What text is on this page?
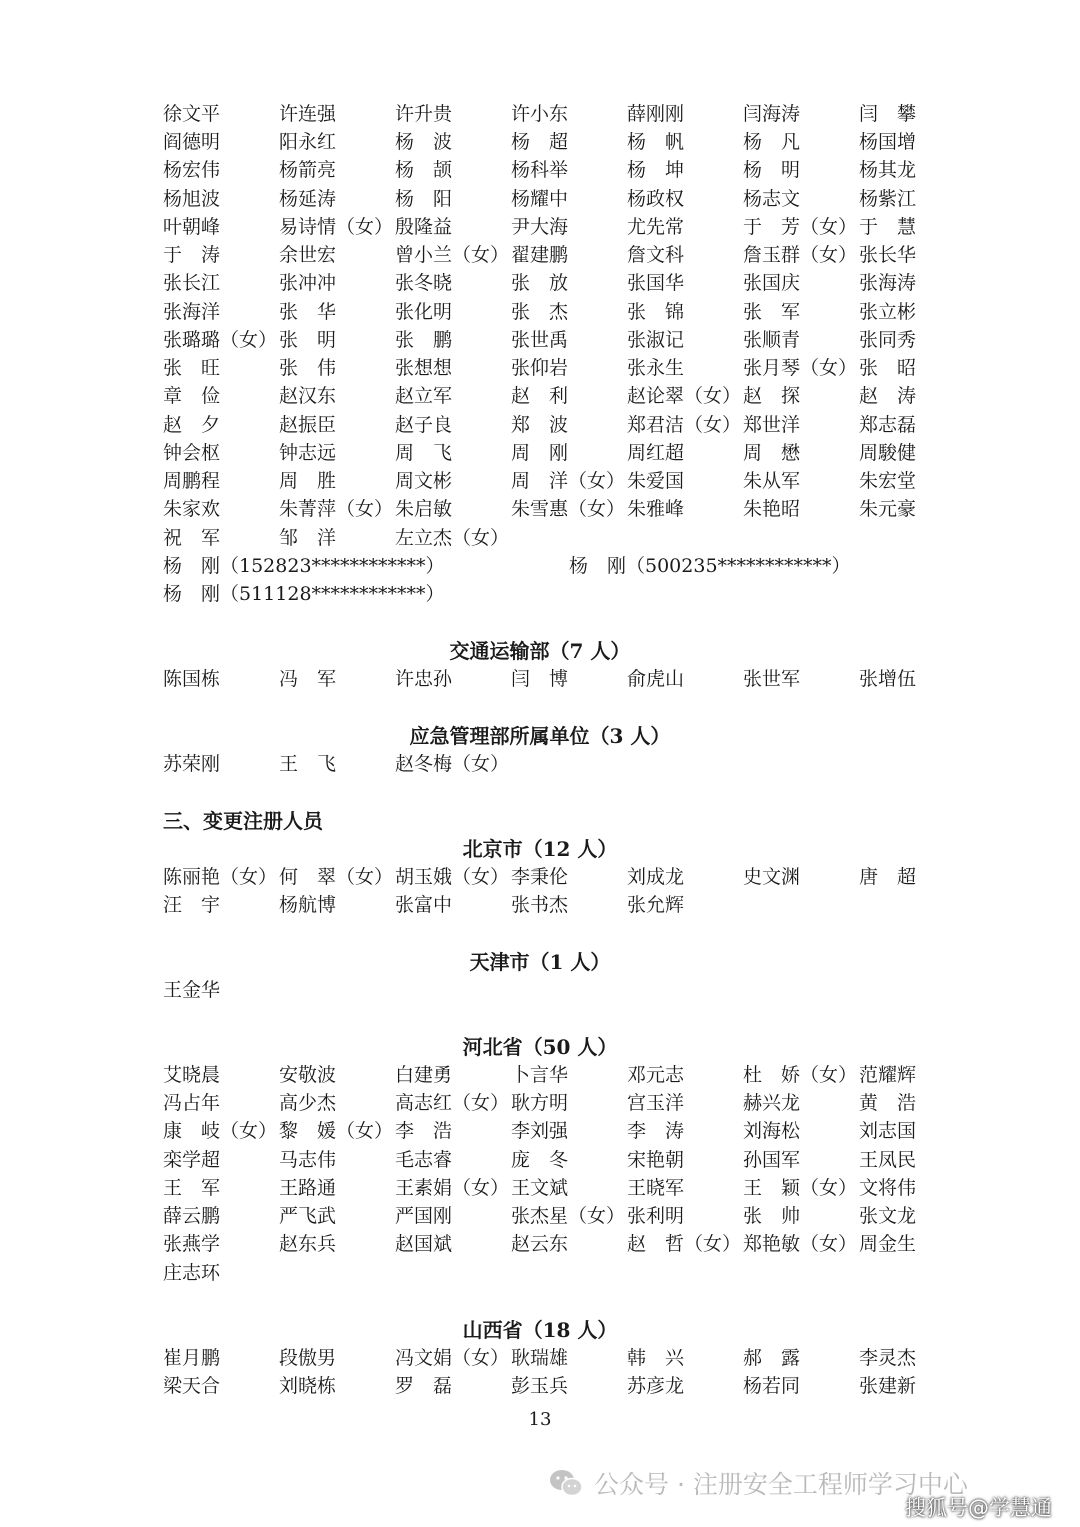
徐文平	许连强	许升贵	许小东	薛刚刚	闫海涛	闫　攀
阎德明	阳永红	杨　波	杨　超	杨　帆	杨　凡	杨国增
杨宏伟	杨箭亮	杨　颉	杨科举	杨　坤	杨　明	杨其龙
杨旭波	杨延涛	杨　阳	杨耀中	杨政权	杨志文	杨紫江
叶朝峰	易诗情（女） 殷隆益	尹大海	尤先常	于　芳（女） 于　慧
于　涛	余世宏	曾小兰（女） 翟建鹏	詹文科	詹玉群（女） 张长华
张长江	张冲冲	张冬晓	张　放	张国华	张国庆	张海涛
张海洋	张　华	张化明	张　杰	张　锦	张　军	张立彬
张璐璐（女） 张　明	张　鹏	张世禹	张淑记	张顺青	张同秀
张　旺	张　伟	张想想	张仰岩	张永生	张月琴（女） 张　昭
章　俭	赵汉东	赵立军	赵　利	赵论翠（女） 赵　探	赵　涛
赵　夕	赵振臣	赵子良	郑　波	郑君洁（女） 郑世洋	郑志磊
钟会枢	钟志远	周　飞	周　刚	周红超	周　懋	周駿健
周鹏程	周　胜	周文彬	周　洋（女） 朱爱国	朱从军	朱宏堂
朱家欢	朱菁萍（女） 朱启敏	朱雪惠（女） 朱雅峰	朱艳昭	朱元豪
祝　军	邹　洋	左立杰（女）
杨　刚（152823************）	杨　刚（500235************）
杨　刚（511128************）
交通运输部（7 人）
陈国栋	冯　军	许忠孙	闫　博	俞虎山	张世军	张增伍
应急管理部所属单位（3 人）
苏荣刚	王　飞	赵冬梅（女）
三、变更注册人员
北京市（12 人）
陈丽艳（女） 何　翠（女） 胡玉娥（女） 李秉伦	刘成龙	史文渊	唐　超
汪　宇	杨航博	张富中	张书杰	张允辉
天津市（1 人）
王金华
河北省（50 人）
艾晓晨	安敬波	白建勇	卜言华	邓元志	杜　娇（女） 范耀辉
冯占年	高少杰	高志红（女） 耿方明	宫玉洋	赫兴龙	黄　浩
康　岐（女） 黎　媛（女） 李　浩	李刘强	李　涛	刘海松	刘志国
栾学超	马志伟	毛志睿	庞　冬	宋艳朝	孙国军	王凤民
王　军	王路通	王素娟（女） 王文斌	王晓军	王　颖（女） 文将伟
薛云鹏	严飞武	严国刚	张杰星（女） 张利明	张　帅	张文龙
张燕学	赵东兵	赵国斌	赵云东	赵　哲（女） 郑艳敏（女） 周金生
庄志环
山西省（18 人）
崔月鹏	段傲男	冯文娟（女） 耿瑞雄	韩　兴	郝　露	李灵杰
梁天合	刘晓栋	罗　磊	彭玉兵	苏彦龙	杨若同	张建新
13
公众号 · 注册安全工程师学习中心
搜狐号@学慧通
